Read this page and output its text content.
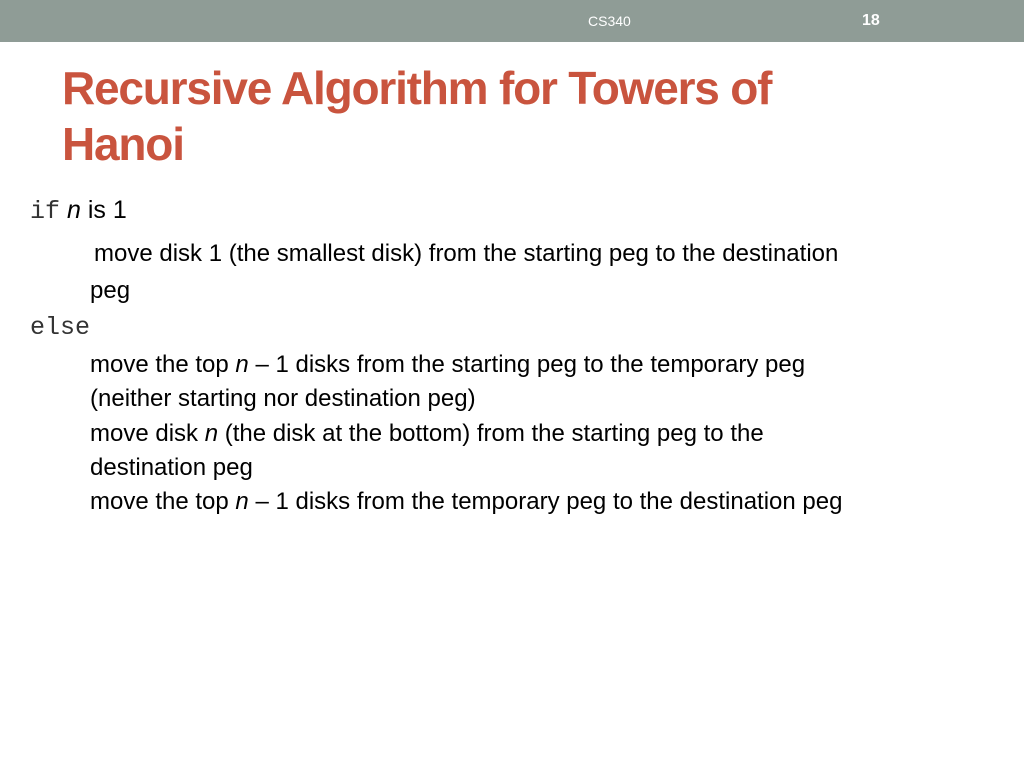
CS340	18
Recursive Algorithm for Towers of
Hanoi
if n is 1
move disk 1 (the smallest disk) from the starting peg to the destination
peg
else
move the top n – 1 disks from the starting peg to the temporary peg
(neither starting nor destination peg)
move disk n (the disk at the bottom) from the starting peg to the
destination peg
move the top n – 1 disks from the temporary peg to the destination peg
